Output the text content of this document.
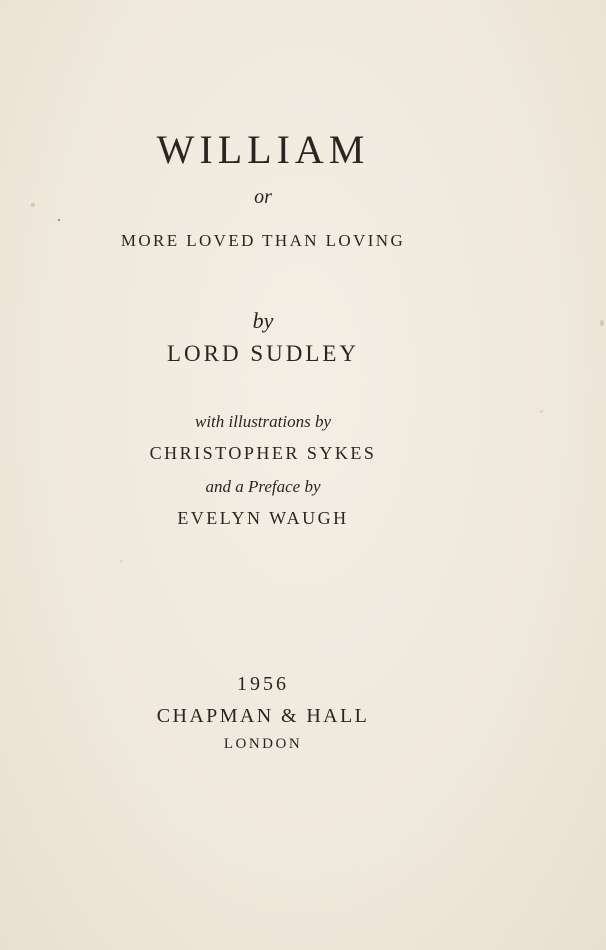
WILLIAM
or
MORE LOVED THAN LOVING
by
LORD SUDLEY
with illustrations by
CHRISTOPHER SYKES
and a Preface by
EVELYN WAUGH
1956
CHAPMAN & HALL
LONDON
